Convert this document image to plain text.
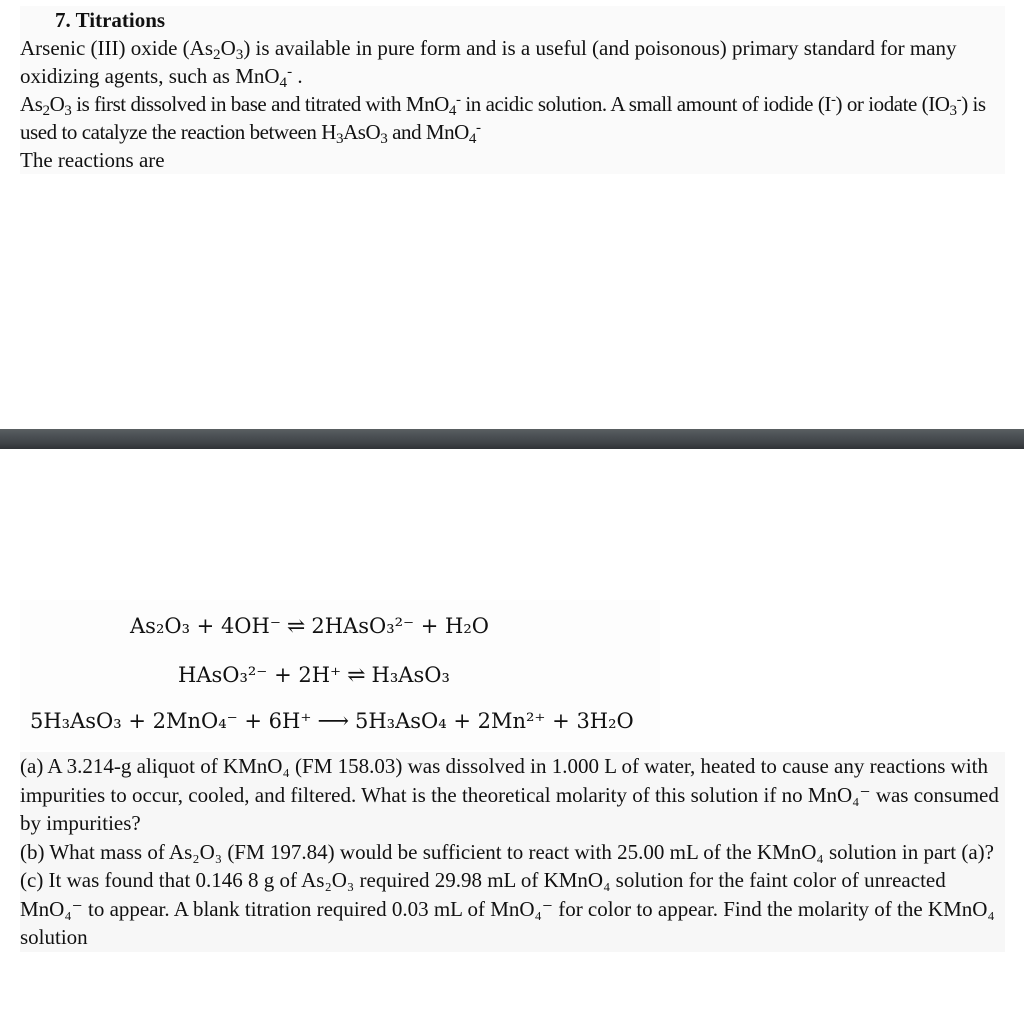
7. Titrations

Arsenic (III) oxide $(As_2O_3)$ is available in pure form and is a useful (and poisonous) primary standard for many oxidizing agents, such as MnO$_4$- .

$As_2O_3$ is first dissolved in base and titrated with MnO$_4$- in acidic solution. A small amount of iodide (I-) or iodate $(IO_3^-)$ is used to catalyze the reaction between $H_3AsO_3$ and MnO$_4$-

The reactions are

As₂O₃ + 4OH⁻ ⇌ 2HAsO₃²⁻ + H₂O
HAsO₃²⁻ + 2H⁺ ⇌ H₃AsO₃
5H₃AsO₃ + 2MnO₄⁻ + 6H⁺ ⟶ 5H₃AsO₄ + 2Mn²⁺ + 3H₂O

(a) A 3.214-g aliquot of KMnO₄ (FM 158.03) was dissolved in 1.000 L of water, heated to cause any reactions with impurities to occur, cooled, and filtered. What is the theoretical molarity of this solution if no MnO₄⁻ was consumed by impurities?

(b) What mass of As₂O₃ (FM 197.84) would be sufficient to react with 25.00 mL of the KMnO₄ solution in part (a)?

(c) It was found that 0.146 8 g of As₂O₃ required 29.98 mL of KMnO₄ solution for the faint color of unreacted MnO₄⁻ to appear. A blank titration required 0.03 mL of MnO₄⁻ for color to appear. Find the molarity of the KMnO₄ solution
